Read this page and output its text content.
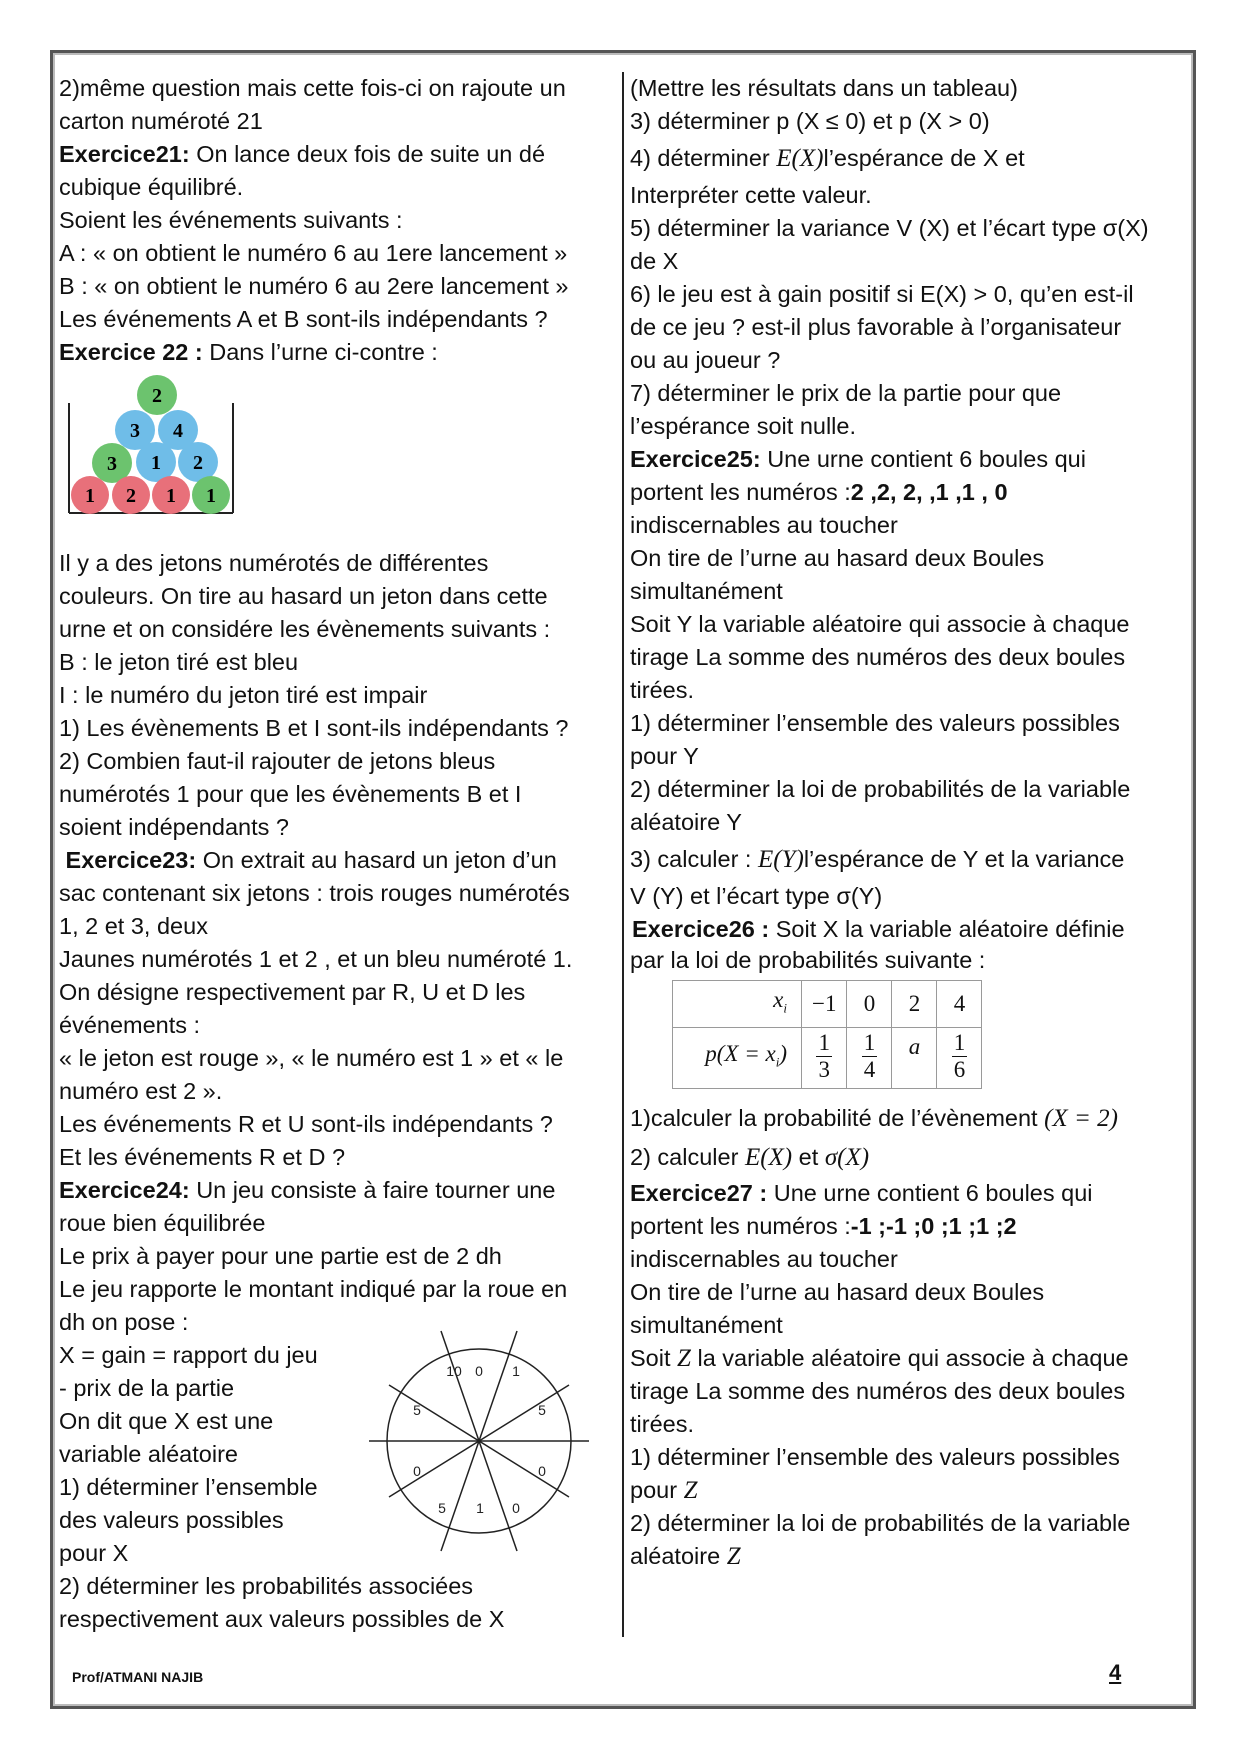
2)même question mais cette fois-ci on rajoute un
carton numéroté 21
Exercice21: On lance deux fois de suite un dé
cubique équilibré.
Soient les événements suivants :
A : « on obtient le numéro 6 au 1ere lancement »
B : « on obtient le numéro 6 au 2ere lancement »
Les événements A et B sont-ils indépendants ?
Exercice 22 : Dans l’urne ci-contre :
2
3 4
3 1 2
1 2 1 1
Il y a des jetons numérotés de différentes
couleurs. On tire au hasard un jeton dans cette
urne et on considére les évènements suivants :
B : le jeton tiré est bleu
I : le numéro du jeton tiré est impair
1) Les évènements B et I sont-ils indépendants ?
2) Combien faut-il rajouter de jetons bleus
numérotés 1 pour que les évènements B et I
soient indépendants ?
Exercice23: On extrait au hasard un jeton d’un
sac contenant six jetons : trois rouges numérotés
1, 2 et 3, deux
Jaunes numérotés 1 et 2 , et un bleu numéroté 1.
On désigne respectivement par R, U et D les
événements :
« le jeton est rouge », « le numéro est 1 » et « le
numéro est 2 ».
Les événements R et U sont-ils indépendants ?
Et les événements R et D ?
Exercice24: Un jeu consiste à faire tourner une
roue bien équilibrée
Le prix à payer pour une partie est de 2 dh
Le jeu rapporte le montant indiqué par la roue en
dh on pose :
X = gain = rapport du jeu
- prix de la partie
On dit que X est une
variable aléatoire
1) déterminer l’ensemble
des valeurs possibles
10 0 1
5	5
0	0
5 1 0
pour X
2) déterminer les probabilités associées
respectivement aux valeurs possibles de X
(Mettre les résultats dans un tableau)
3) déterminer p (X ≤ 0) et p (X > 0)
4) déterminer E(X)l’espérance de X et
Interpréter cette valeur.
5) déterminer la variance V (X) et l’écart type σ(X)
de X
6) le jeu est à gain positif si E(X) > 0, qu’en est-il
de ce jeu ? est-il plus favorable à l’organisateur
ou au joueur ?
7) déterminer le prix de la partie pour que
l’espérance soit nulle.
Exercice25: Une urne contient 6 boules qui
portent les numéros :2 ,2, 2, ,1 ,1 , 0
indiscernables au toucher
On tire de l’urne au hasard deux Boules
simultanément
Soit Y la variable aléatoire qui associe à chaque
tirage La somme des numéros des deux boules
tirées.
1) déterminer l’ensemble des valeurs possibles
pour Y
2) déterminer la loi de probabilités de la variable
aléatoire Y
3) calculer : E(Y)l’espérance de Y et la variance
V (Y) et l’écart type σ(Y)
Exercice26 : Soit X la variable aléatoire définie
par la loi de probabilités suivante :
$x_i$	−1	0	2	4
$p(X = x_i)$	$\frac{1}{3}$	$\frac{1}{4}$	a	$\frac{1}{6}$
1)calculer la probabilité de l’évènement (X = 2)
2) calculer E(X) et σ(X)
Exercice27 : Une urne contient 6 boules qui
portent les numéros :-1 ;-1 ;0 ;1 ;1 ;2
indiscernables au toucher
On tire de l’urne au hasard deux Boules
simultanément
Soit Z la variable aléatoire qui associe à chaque
tirage La somme des numéros des deux boules
tirées.
1) déterminer l’ensemble des valeurs possibles
pour Z
2) déterminer la loi de probabilités de la variable
aléatoire Z
Prof/ATMANI NAJIB	4
